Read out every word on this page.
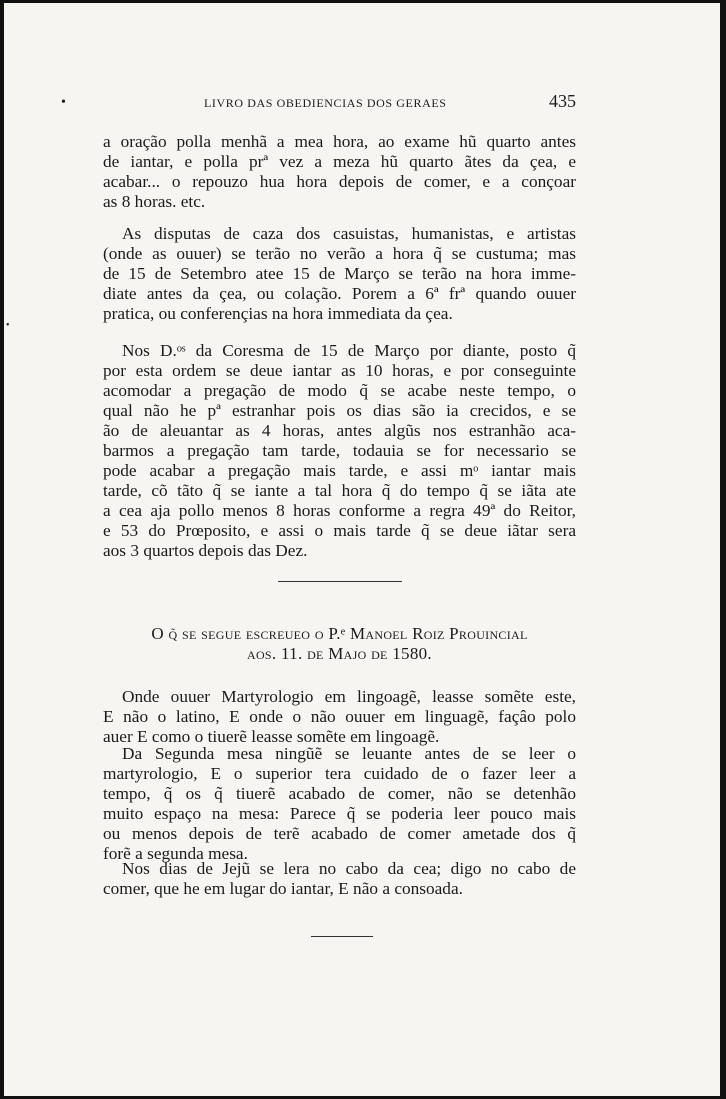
•
•
LIVRO DAS OBEDIENCIAS DOS GERAES	435
a oração polla menhã a mea hora, ao exame hũ quarto antes
de iantar, e polla prª vez a meza hũ quarto ãtes da çea, e
acabar... o repouzo hua hora depois de comer, e a conçoar
as 8 horas. etc.
As disputas de caza dos casuistas, humanistas, e artistas
(onde as ouuer) se terão no verão a hora q̃ se custuma; mas
de 15 de Setembro atee 15 de Março se terão na hora imme-
diate antes da çea, ou colação. Porem a 6ª frª quando ouuer
pratica, ou conferençias na hora immediata da çea.
Nos D.ᵒˢ da Coresma de 15 de Março por diante, posto q̃
por esta ordem se deue iantar as 10 horas, e por conseguinte
acomodar a pregação de modo q̃ se acabe neste tempo, o
qual não he pª estranhar pois os dias são ia crecidos, e se
ão de aleuantar as 4 horas, antes algũs nos estranhão aca-
barmos a pregação tam tarde, todauia se for necessario se
pode acabar a pregação mais tarde, e assi mᵒ iantar mais
tarde, cõ tãto q̃ se iante a tal hora q̃ do tempo q̃ se iãta ate
a cea aja pollo menos 8 horas conforme a regra 49ª do Reitor,
e 53 do Prœposito, e assi o mais tarde q̃ se deue iãtar sera
aos 3 quartos depois das Dez.
O q̃ se segue escreueo o P.ᵉ Manoel Roiz Prouincial
aos. 11. de Majo de 1580.
Onde ouuer Martyrologio em lingoagẽ, leasse somẽte este,
E não o latino, E onde o não ouuer em linguagẽ, façâo polo
auer E como o tiuerẽ leasse somẽte em lingoagẽ.
Da Segunda mesa ningũẽ se leuante antes de se leer o
martyrologio, E o superior tera cuidado de o fazer leer a
tempo, q̃ os q̃ tiuerẽ acabado de comer, não se detenhão
muito espaço na mesa: Parece q̃ se poderia leer pouco mais
ou menos depois de terẽ acabado de comer ametade dos q̃
forẽ a segunda mesa.
Nos dias de Jejũ se lera no cabo da cea; digo no cabo de
comer, que he em lugar do iantar, E não a consoada.
